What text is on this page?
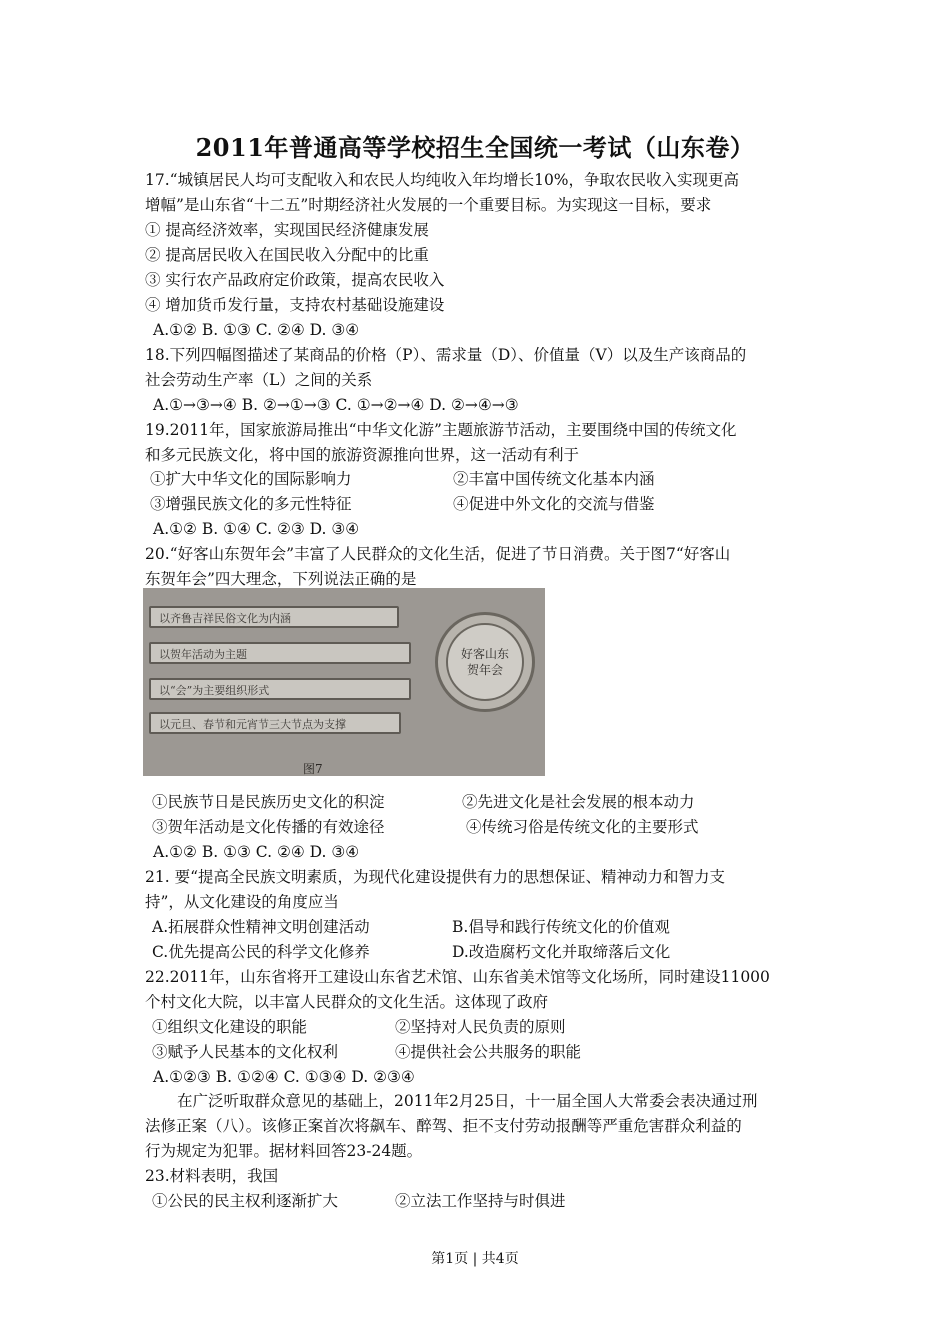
2011年普通高等学校招生全国统一考试（山东卷）
17.“城镇居民人均可支配收入和农民人均纯收入年均增长10%，争取农民收入实现更高
增幅”是山东省“十二五”时期经济社火发展的一个重要目标。为实现这一目标，要求
① 提高经济效率，实现国民经济健康发展
② 提高居民收入在国民收入分配中的比重
③ 实行农产品政府定价政策，提高农民收入
④ 增加货币发行量，支持农村基础设施建设
A.①② B. ①③ C. ②④ D. ③④
18.下列四幅图描述了某商品的价格（P）、需求量（D）、价值量（V）以及生产该商品的
社会劳动生产率（L）之间的关系
A.①→③→④ B. ②→①→③ C. ①→②→④ D. ②→④→③
19.2011年，国家旅游局推出“中华文化游”主题旅游节活动，主要围绕中国的传统文化
和多元民族文化，将中国的旅游资源推向世界，这一活动有利于
①扩大中华文化的国际影响力	②丰富中国传统文化基本内涵
③增强民族文化的多元性特征	④促进中外文化的交流与借鉴
A.①② B. ①④ C. ②③ D. ③④
20.“好客山东贺年会”丰富了人民群众的文化生活，促进了节日消费。关于图7“好客山
东贺年会”四大理念，下列说法正确的是
以齐鲁吉祥民俗文化为内涵
以贺年活动为主题
以“会”为主要组织形式
以元旦、春节和元宵节三大节点为支撑
好客山东
贺年会
图7
①民族节日是民族历史文化的积淀	②先进文化是社会发展的根本动力
③贺年活动是文化传播的有效途径	④传统习俗是传统文化的主要形式
A.①② B. ①③ C. ②④ D. ③④
21. 要“提高全民族文明素质，为现代化建设提供有力的思想保证、精神动力和智力支
持”，从文化建设的角度应当
A.拓展群众性精神文明创建活动	B.倡导和践行传统文化的价值观
C.优先提高公民的科学文化修养	D.改造腐朽文化并取缔落后文化
22.2011年，山东省将开工建设山东省艺术馆、山东省美术馆等文化场所，同时建设11000
个村文化大院，以丰富人民群众的文化生活。这体现了政府
①组织文化建设的职能	②坚持对人民负责的原则
③赋予人民基本的文化权利	④提供社会公共服务的职能
A.①②③ B. ①②④ C. ①③④ D. ②③④
在广泛听取群众意见的基础上，2011年2月25日，十一届全国人大常委会表决通过刑
法修正案（八）。该修正案首次将飙车、醉驾、拒不支付劳动报酬等严重危害群众利益的
行为规定为犯罪。据材料回答23-24题。
23.材料表明，我国
①公民的民主权利逐渐扩大	②立法工作坚持与时俱进
第1页 | 共4页
